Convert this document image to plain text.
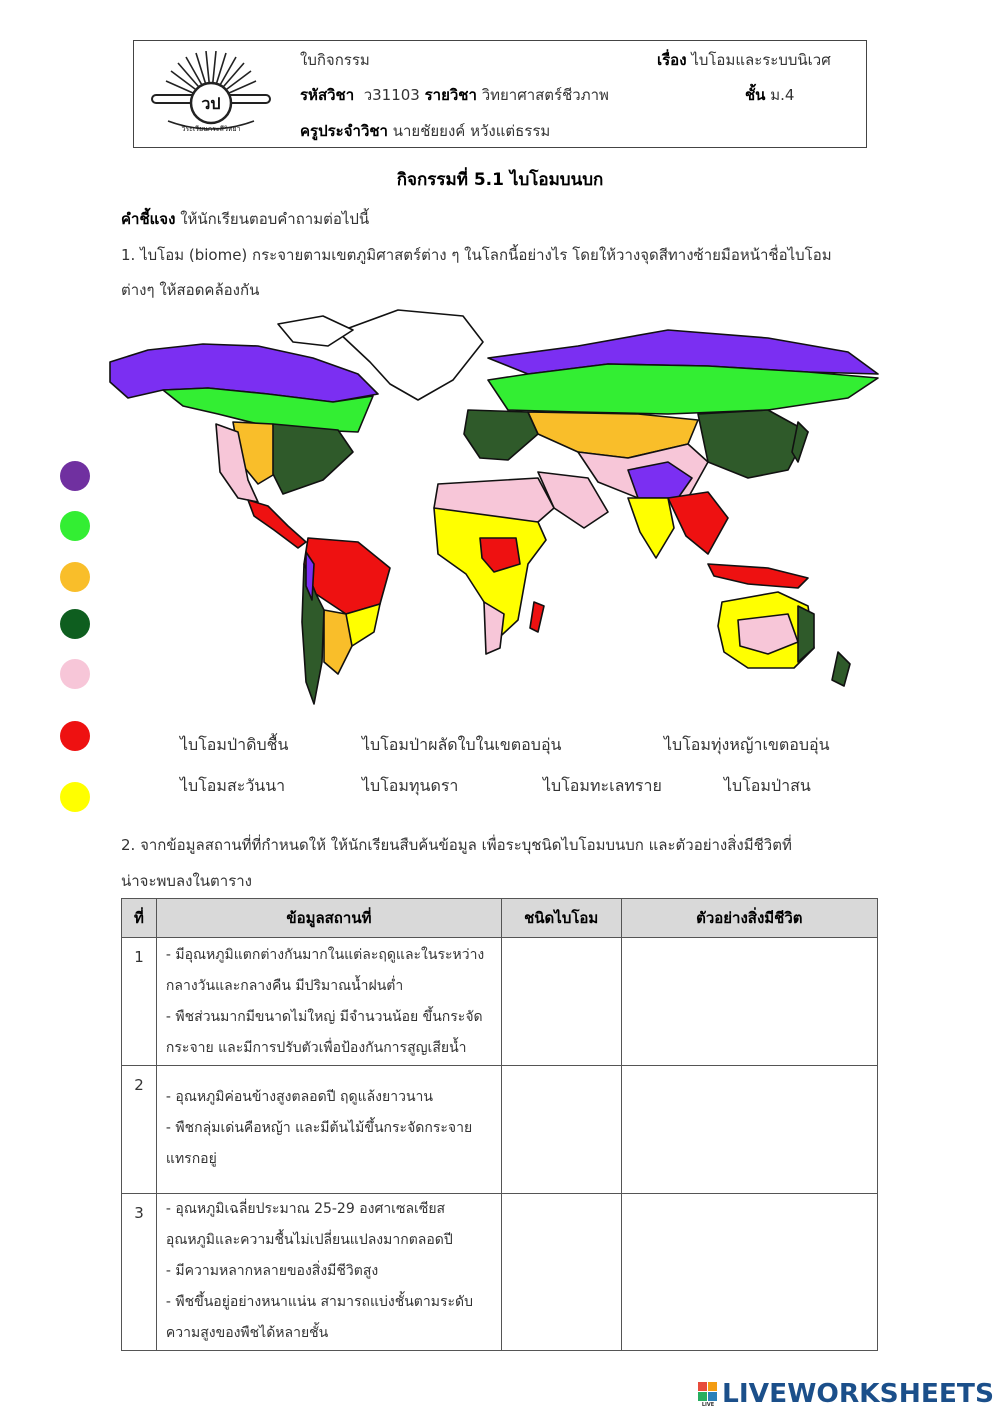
วป
วีระเรียนกระสีวิทยา
ใบกิจกรรม	เรื่อง ไบโอมและระบบนิเวศ
รหัสวิชา ว31103 รายวิชา วิทยาศาสตร์ชีวภาพ	ชั้น ม.4
ครูประจำวิชา นายชัยยงค์ หวังแต่ธรรม
กิจกรรมที่ 5.1 ไบโอมบนบก
คำชี้แจง ให้นักเรียนตอบคำถามต่อไปนี้
1. ไบโอม (biome) กระจายตามเขตภูมิศาสตร์ต่าง ๆ ในโลกนี้อย่างไร โดยให้วางจุดสีทางซ้ายมือหน้าชื่อไบโอม
ต่างๆ ให้สอดคล้องกัน
ไบโอมป่าดิบชื้น	ไบโอมป่าผลัดใบในเขตอบอุ่น	ไบโอมทุ่งหญ้าเขตอบอุ่น
ไบโอมสะวันนา	ไบโอมทุนดรา	ไบโอมทะเลทราย	ไบโอมป่าสน
2. จากข้อมูลสถานที่ที่กำหนดให้ ให้นักเรียนสืบค้นข้อมูล เพื่อระบุชนิดไบโอมบนบก และตัวอย่างสิ่งมีชีวิตที่
น่าจะพบลงในตาราง
ที่	ข้อมูลสถานที่	ชนิดไบโอม	ตัวอย่างสิ่งมีชีวิต
1	- มีอุณหภูมิแตกต่างกันมากในแต่ละฤดูและในระหว่าง
กลางวันและกลางคืน มีปริมาณน้ำฝนต่ำ
- พืชส่วนมากมีขนาดไม่ใหญ่ มีจำนวนน้อย ขึ้นกระจัด
กระจาย และมีการปรับตัวเพื่อป้องกันการสูญเสียน้ำ		

2	- อุณหภูมิค่อนข้างสูงตลอดปี ฤดูแล้งยาวนาน
- พืชกลุ่มเด่นคือหญ้า และมีต้นไม้ขึ้นกระจัดกระจาย
แทรกอยู่		

3	- อุณหภูมิเฉลี่ยประมาณ 25-29 องศาเซลเซียส
อุณหภูมิและความชื้นไม่เปลี่ยนแปลงมากตลอดปี
- มีความหลากหลายของสิ่งมีชีวิตสูง
- พืชขึ้นอยู่อย่างหนาแน่น สามารถแบ่งชั้นตามระดับ
ความสูงของพืชได้หลายชั้น		

LIVE LIVEWORKSHEETS
